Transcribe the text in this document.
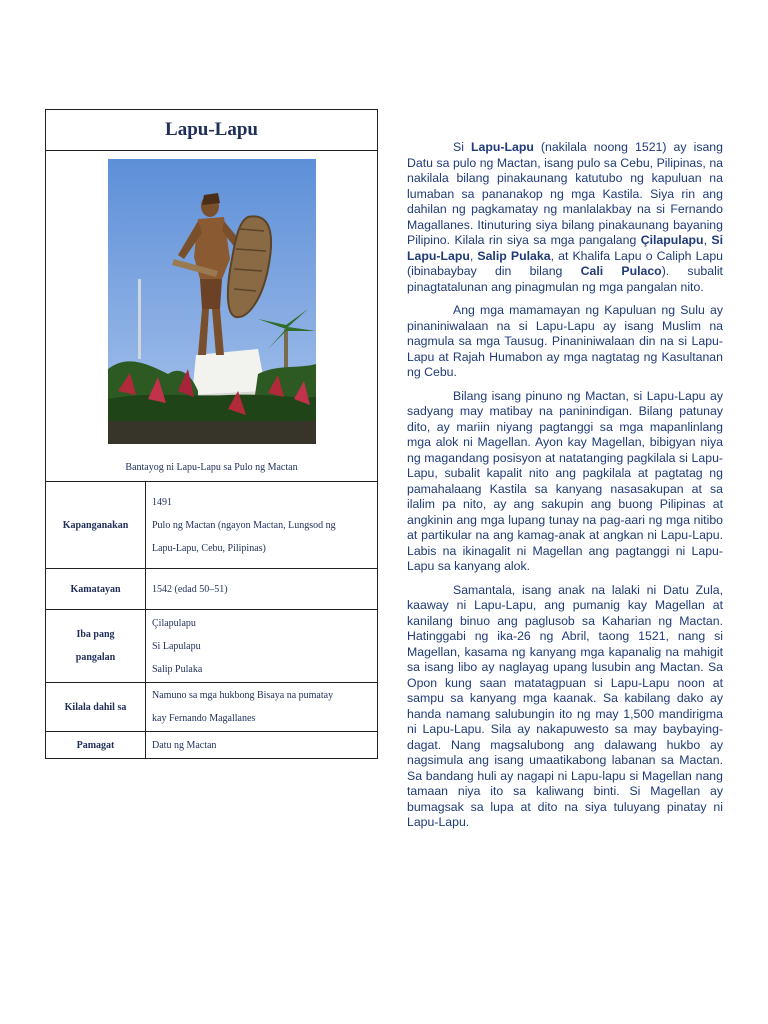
Lapu-Lapu
Bantayog ni Lapu-Lapu sa Pulo ng Mactan
Kapanganakan
1491
Pulo ng Mactan (ngayon Mactan, Lungsod ng
Lapu-Lapu, Cebu, Pilipinas)
Kamatayan	1542 (edad 50–51)
Iba pang
pangalan
Çilapulapu
Si Lapulapu
Salip Pulaka
Kilala dahil sa
Namuno sa mga hukbong Bisaya na pumatay
kay Fernando Magallanes
Pamagat	Datu ng Mactan

Si Lapu-Lapu (nakilala noong 1521) ay isang Datu sa pulo ng Mactan, isang pulo sa Cebu, Pilipinas, na nakilala bilang pinakaunang katutubo ng kapuluan na lumaban sa pananakop ng mga Kastila. Siya rin ang dahilan ng pagkamatay ng manlalakbay na si Fernando Magallanes. Itinuturing siya bilang pinakaunang bayaning Pilipino. Kilala rin siya sa mga pangalang Çilapulapu, Si Lapu-Lapu, Salip Pulaka, at Khalifa Lapu o Caliph Lapu (ibinabaybay din bilang Cali Pulaco). subalit pinagtatalunan ang pinagmulan ng mga pangalan nito.

Ang mga mamamayan ng Kapuluan ng Sulu ay pinaniniwalaan na si Lapu-Lapu ay isang Muslim na nagmula sa mga Tausug. Pinaniniwalaan din na si Lapu-Lapu at Rajah Humabon ay mga nagtatag ng Kasultanan ng Cebu.

Bilang isang pinuno ng Mactan, si Lapu-Lapu ay sadyang may matibay na paninindigan. Bilang patunay dito, ay mariin niyang pagtanggi sa mga mapanlinlang mga alok ni Magellan. Ayon kay Magellan, bibigyan niya ng magandang posisyon at natatanging pagkilala si Lapu-Lapu, subalit kapalit nito ang pagkilala at pagtatag ng pamahalaang Kastila sa kanyang nasasakupan at sa ilalim pa nito, ay ang sakupin ang buong Pilipinas at angkinin ang mga lupang tunay na pag-aari ng mga nitibo at partikular na ang kamag-anak at angkan ni Lapu-Lapu. Labis na ikinagalit ni Magellan ang pagtanggi ni Lapu-Lapu sa kanyang alok.

Samantala, isang anak na lalaki ni Datu Zula, kaaway ni Lapu-Lapu, ang pumanig kay Magellan at kanilang binuo ang paglusob sa Kaharian ng Mactan. Hatinggabi ng ika-26 ng Abril, taong 1521, nang si Magellan, kasama ng kanyang mga kapanalig na mahigit sa isang libo ay naglayag upang lusubin ang Mactan. Sa Opon kung saan matatagpuan si Lapu-Lapu noon at sampu sa kanyang mga kaanak. Sa kabilang dako ay handa namang salubungin ito ng may 1,500 mandirigma ni Lapu-Lapu. Sila ay nakapuwesto sa may baybaying-dagat. Nang magsalubong ang dalawang hukbo ay nagsimula ang isang umaatikabong labanan sa Mactan. Sa bandang huli ay nagapi ni Lapu-lapu si Magellan nang tamaan niya ito sa kaliwang binti. Si Magellan ay bumagsak sa lupa at dito na siya tuluyang pinatay ni Lapu-Lapu.
